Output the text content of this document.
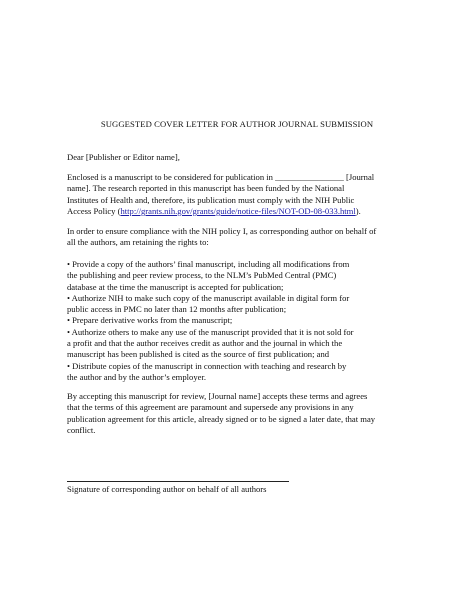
SUGGESTED COVER LETTER FOR AUTHOR JOURNAL SUBMISSION
Dear [Publisher or Editor name],
Enclosed is a manuscript to be considered for publication in ________________ [Journal
name]. The research reported in this manuscript has been funded by the National
Institutes of Health and, therefore, its publication must comply with the NIH Public
Access Policy (http://grants.nih.gov/grants/guide/notice-files/NOT-OD-08-033.html).
In order to ensure compliance with the NIH policy I, as corresponding author on behalf of
all the authors, am retaining the rights to:
• Provide a copy of the authors’ final manuscript, including all modifications from
the publishing and peer review process, to the NLM’s PubMed Central (PMC)
database at the time the manuscript is accepted for publication;
• Authorize NIH to make such copy of the manuscript available in digital form for
public access in PMC no later than 12 months after publication;
• Prepare derivative works from the manuscript;
• Authorize others to make any use of the manuscript provided that it is not sold for
a profit and that the author receives credit as author and the journal in which the
manuscript has been published is cited as the source of first publication; and
• Distribute copies of the manuscript in connection with teaching and research by
the author and by the author’s employer.
By accepting this manuscript for review, [Journal name] accepts these terms and agrees
that the terms of this agreement are paramount and supersede any provisions in any
publication agreement for this article, already signed or to be signed a later date, that may
conflict.
Signature of corresponding author on behalf of all authors
